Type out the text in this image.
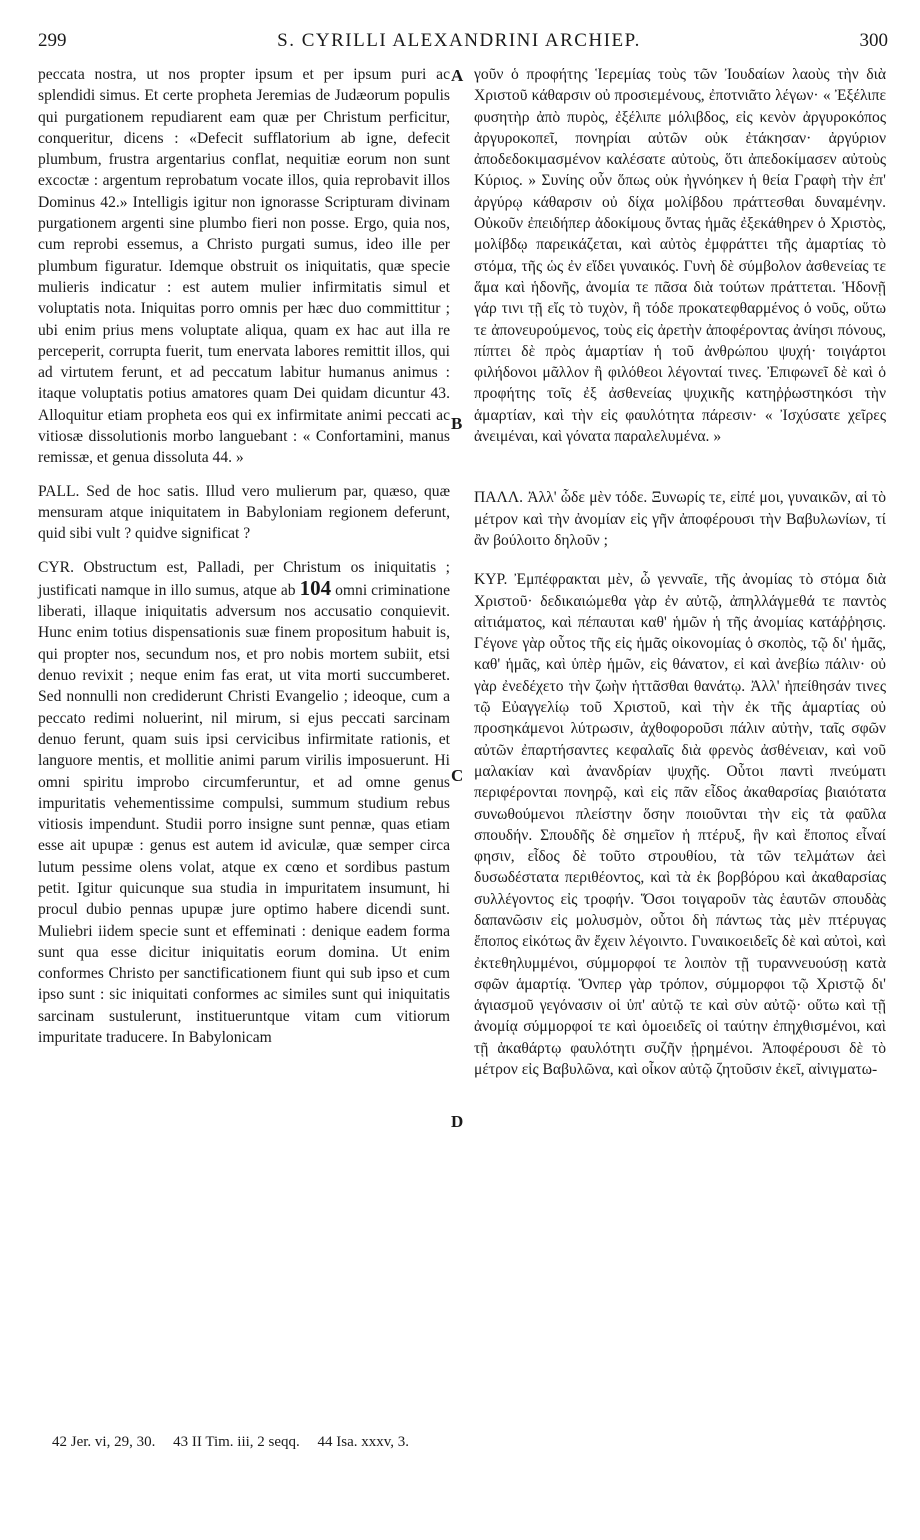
299	S. CYRILLI ALEXANDRINI ARCHIEP.	300

peccata nostra, ut nos propter ipsum et per ipsum puri ac splendidi simus. Et certe propheta Jeremias de Judæorum populis qui purgationem repudiarent eam quæ per Christum perficitur, conqueritur, dicens : «Defecit sufflatorium ab igne, defecit plumbum, frustra argentarius conflat, nequitiæ eorum non sunt excoctæ : argentum reprobatum vocate illos, quia reprobavit illos Dominus 42.» Intelligis igitur non ignorasse Scripturam divinam purgationem argenti sine plumbo fieri non posse. Ergo, quia nos, cum reprobi essemus, a Christo purgati sumus, ideo ille per plumbum figuratur. Idemque obstruit os iniquitatis, quæ specie mulieris indicatur : est autem mulier infirmitatis simul et voluptatis nota. Iniquitas porro omnis per hæc duo committitur ; ubi enim prius mens voluptate aliqua, quam ex hac aut illa re perceperit, corrupta fuerit, tum enervata labores remittit illos, qui ad virtutem ferunt, et ad peccatum labitur humanus animus : itaque voluptatis potius amatores quam Dei quidam dicuntur 43. Alloquitur etiam propheta eos qui ex infirmitate animi peccati ac vitiosæ dissolutionis morbo languebant : « Confortamini, manus remissæ, et genua dissoluta 44. »

PALL. Sed de hoc satis. Illud vero mulierum par, quæso, quæ mensuram atque iniquitatem in Babyloniam regionem deferunt, quid sibi vult ? quidve significat ?

CYR. Obstructum est, Palladi, per Christum os iniquitatis ; justificati namque in illo sumus, atque ab 104 omni criminatione liberati, illaque iniquitatis adversum nos accusatio conquievit. Hunc enim totius dispensationis suæ finem propositum habuit is, qui propter nos, secundum nos, et pro nobis mortem subiit, etsi denuo revixit ; neque enim fas erat, ut vita morti succumberet. Sed nonnulli non crediderunt Christi Evangelio ; ideoque, cum a peccato redimi noluerint, nil mirum, si ejus peccati sarcinam denuo ferunt, quam suis ipsi cervicibus infirmitate rationis, et languore mentis, et mollitie animi parum virilis imposuerunt. Hi omni spiritu improbo circumferuntur, et ad omne genus impuritatis vehementissime compulsi, summum studium rebus vitiosis impendunt. Studii porro insigne sunt pennæ, quas etiam esse ait upupæ : genus est autem id aviculæ, quæ semper circa lutum pessime olens volat, atque ex cœno et sordibus pastum petit. Igitur quicunque sua studia in impuritatem insumunt, hi procul dubio pennas upupæ jure optimo habere dicendi sunt. Muliebri iidem specie sunt et effeminati : denique eadem forma sunt qua esse dicitur iniquitatis eorum domina. Ut enim conformes Christo per sanctificationem fiunt qui sub ipso et cum ipso sunt : sic iniquitati conformes ac similes sunt qui iniquitatis sarcinam sustulerunt, institueruntque vitam cum vitiorum impuritate traducere. In Babylonicam

A
B
C
D

γοῦν ὁ προφήτης Ἱερεμίας τοὺς τῶν Ἰουδαίων λαοὺς τὴν διὰ Χριστοῦ κάθαρσιν οὐ προσιεμένους, ἐποτνιᾶτο λέγων· « Ἐξέλιπε φυσητὴρ ἀπὸ πυρὸς, ἐξέλιπε μόλιβδος, εἰς κενὸν ἀργυροκόπος ἀργυροκοπεῖ, πονηρίαι αὐτῶν οὐκ ἐτάκησαν· ἀργύριον ἀποδεδοκιμασμένον καλέσατε αὐτοὺς, ὅτι ἀπεδοκίμασεν αὐτοὺς Κύριος. » Συνίης οὖν ὅπως οὐκ ἠγνόηκεν ἡ θεία Γραφὴ τὴν ἐπ' ἀργύρῳ κάθαρσιν οὐ δίχα μολίβδου πράττεσθαι δυναμένην. Οὐκοῦν ἐπειδήπερ ἀδοκίμους ὄντας ἡμᾶς ἐξεκάθηρεν ὁ Χριστὸς, μολίβδῳ παρεικάζεται, καὶ αὐτὸς ἐμφράττει τῆς ἀμαρτίας τὸ στόμα, τῆς ὡς ἐν εἴδει γυναικός. Γυνὴ δὲ σύμβολον ἀσθενείας τε ἅμα καὶ ἡδονῆς, ἀνομία τε πᾶσα διὰ τούτων πράττεται. Ἡδονῇ γάρ τινι τῇ εἴς τὸ τυχὸν, ἢ τόδε προκατεφθαρμένος ὁ νοῦς, οὕτω τε ἀπονευρούμενος, τοὺς εἰς ἀρετὴν ἀποφέροντας ἀνίησι πόνους, πίπτει δὲ πρὸς ἁμαρτίαν ἡ τοῦ ἀνθρώπου ψυχή· τοιγάρτοι φιλήδονοι μᾶλλον ἢ φιλόθεοι λέγονταί τινες. Ἐπιφωνεῖ δὲ καὶ ὁ προφήτης τοῖς ἐξ ἀσθενείας ψυχικῆς κατηῤῥωστηκόσι τὴν ἁμαρτίαν, καὶ τὴν εἰς φαυλότητα πάρεσιν· « Ἰσχύσατε χεῖρες ἀνειμέναι, καὶ γόνατα παραλελυμένα. »

ΠΑΛΛ. Ἀλλ' ὧδε μὲν τόδε. Ξυνωρίς τε, εἰπέ μοι, γυναικῶν, αἱ τὸ μέτρον καὶ τὴν ἀνομίαν εἰς γῆν ἀποφέρουσι τὴν Βαβυλωνίων, τί ἂν βούλοιτο δηλοῦν ;

ΚΥΡ. Ἐμπέφρακται μὲν, ὦ γενναῖε, τῆς ἀνομίας τὸ στόμα διὰ Χριστοῦ· δεδικαιώμεθα γὰρ ἐν αὐτῷ, ἀπηλλάγμεθά τε παντὸς αἰτιάματος, καὶ πέπαυται καθ' ἡμῶν ἡ τῆς ἀνομίας κατάῤῥησις. Γέγονε γὰρ οὗτος τῆς εἰς ἡμᾶς οἰκονομίας ὁ σκοπὸς, τῷ δι' ἡμᾶς, καθ' ἡμᾶς, καὶ ὑπὲρ ἡμῶν, εἰς θάνατον, εἰ καὶ ἀνεβίω πάλιν· οὐ γὰρ ἐνεδέχετο τὴν ζωὴν ἡττᾶσθαι θανάτῳ. Ἀλλ' ἠπείθησάν τινες τῷ Εὐαγγελίῳ τοῦ Χριστοῦ, καὶ τὴν ἐκ τῆς ἁμαρτίας οὐ προσηκάμενοι λύτρωσιν, ἀχθοφοροῦσι πάλιν αὐτὴν, ταῖς σφῶν αὐτῶν ἐπαρτήσαντες κεφαλαῖς διὰ φρενὸς ἀσθένειαν, καὶ νοῦ μαλακίαν καὶ ἀνανδρίαν ψυχῆς. Οὗτοι παντὶ πνεύματι περιφέρονται πονηρῷ, καὶ εἰς πᾶν εἶδος ἀκαθαρσίας βιαιότατα συνωθούμενοι πλείστην ὅσην ποιοῦνται τὴν εἰς τὰ φαῦλα σπουδήν. Σπουδῆς δὲ σημεῖον ἡ πτέρυξ, ἣν καὶ ἔποπος εἶναί φησιν, εἶδος δὲ τοῦτο στρουθίου, τὰ τῶν τελμάτων ἀεὶ δυσωδέστατα περιθέοντος, καὶ τὰ ἐκ βορβόρου καὶ ἀκαθαρσίας συλλέγοντος εἰς τροφήν. Ὅσοι τοιγαροῦν τὰς ἑαυτῶν σπουδὰς δαπανῶσιν εἰς μολυσμὸν, οὗτοι δὴ πάντως τὰς μὲν πτέρυγας ἔποπος εἰκότως ἂν ἔχειν λέγοιντο. Γυναικοειδεῖς δὲ καὶ αὐτοὶ, καὶ ἐκτεθηλυμμένοι, σύμμορφοί τε λοιπὸν τῇ τυραννευούσῃ κατὰ σφῶν ἁμαρτίᾳ. Ὅνπερ γὰρ τρόπον, σύμμορφοι τῷ Χριστῷ δι' ἁγιασμοῦ γεγόνασιν οἱ ὑπ' αὐτῷ τε καὶ σὺν αὐτῷ· οὕτω καὶ τῇ ἀνομίᾳ σύμμορφοί τε καὶ ὁμοειδεῖς οἱ ταύτην ἐπηχθισμένοι, καὶ τῇ ἀκαθάρτῳ φαυλότητι συζῆν ᾑρημένοι. Ἀποφέρουσι δὲ τὸ μέτρον εἰς Βαβυλῶνα, καὶ οἶκον αὐτῷ ζητοῦσιν ἐκεῖ, αἰνιγματω-

42 Jer. vi, 29, 30. 43 II Tim. iii, 2 seqq. 44 Isa. xxxv, 3.
